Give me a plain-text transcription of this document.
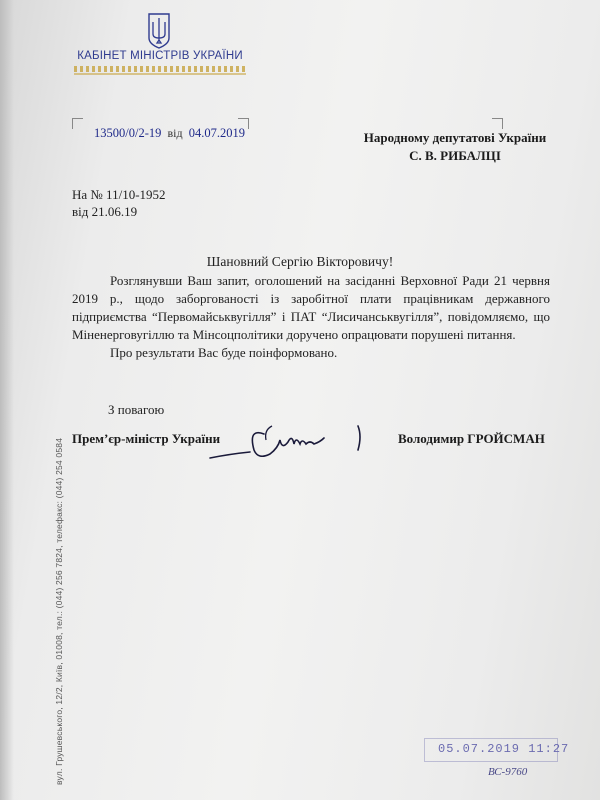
КАБІНЕТ МІНІСТРІВ УКРАЇНИ
13500/0/2-19 від 04.07.2019	Народному депутатові України
С. В. РИБАЛЦІ
На № 11/10-1952
від 21.06.19
Шановний Сергію Вікторовичу!

Розглянувши Ваш запит, оголошений на засіданні Верховної Ради 21 червня 2019 р., щодо заборгованості із заробітної плати працівникам державного підприємства “Первомайськвугілля” і ПАТ “Лисичанськвугілля”, повідомляємо, що Міненерговугіллю та Мінсоцполітики доручено опрацювати порушені питання.

Про результати Вас буде поінформовано.

З повагою
Прем’єр-міністр України	Володимир ГРОЙСМАН
вул. Грушевського, 12/2, Київ, 01008, тел.: (044) 256 7824, телефакс: (044) 254 0584	05.07.2019 11:27
ВС-9760
